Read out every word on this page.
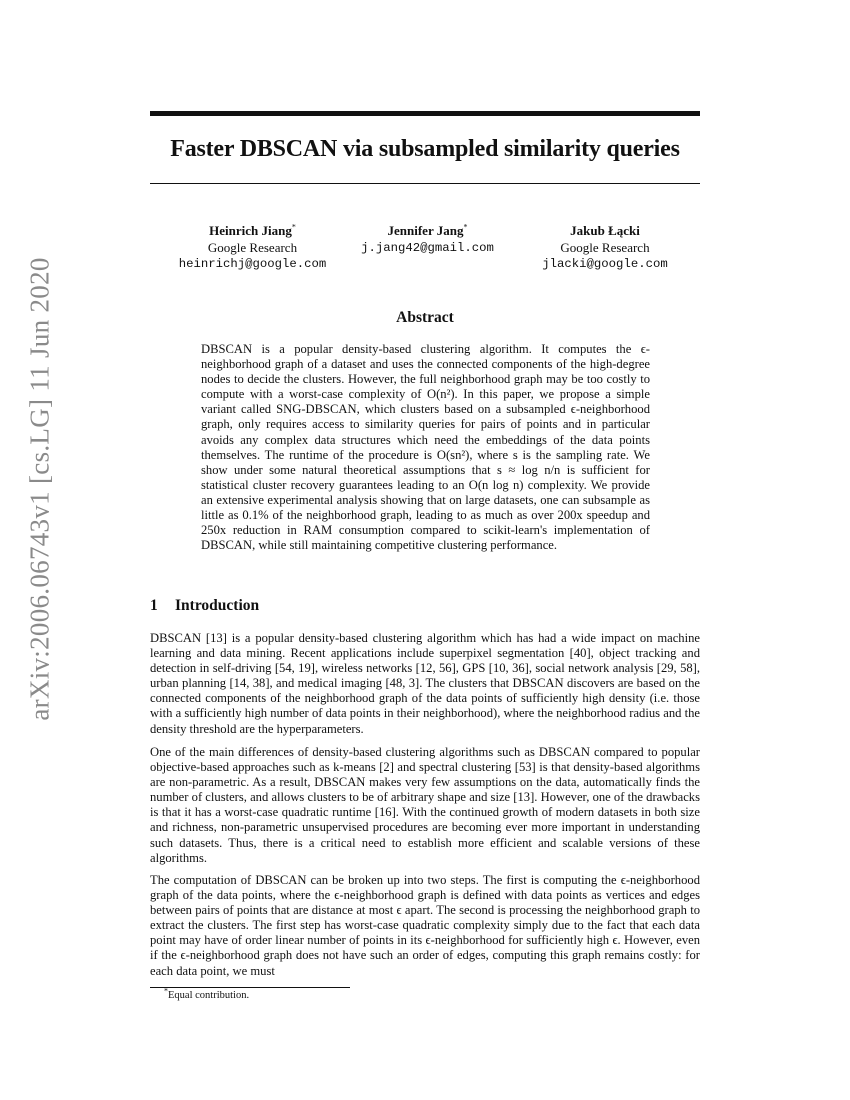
arXiv:2006.06743v1 [cs.LG] 11 Jun 2020
Faster DBSCAN via subsampled similarity queries
Heinrich Jiang*
Google Research
heinrichj@google.com
Jennifer Jang*
j.jang42@gmail.com
Jakub Łącki
Google Research
jlacki@google.com
Abstract
DBSCAN is a popular density-based clustering algorithm. It computes the ϵ-neighborhood graph of a dataset and uses the connected components of the high-degree nodes to decide the clusters. However, the full neighborhood graph may be too costly to compute with a worst-case complexity of O(n²). In this paper, we propose a simple variant called SNG-DBSCAN, which clusters based on a subsampled ϵ-neighborhood graph, only requires access to similarity queries for pairs of points and in particular avoids any complex data structures which need the embeddings of the data points themselves. The runtime of the procedure is O(sn²), where s is the sampling rate. We show under some natural theoretical assumptions that s ≈ log n/n is sufficient for statistical cluster recovery guarantees leading to an O(n log n) complexity. We provide an extensive experimental analysis showing that on large datasets, one can subsample as little as 0.1% of the neighborhood graph, leading to as much as over 200x speedup and 250x reduction in RAM consumption compared to scikit-learn's implementation of DBSCAN, while still maintaining competitive clustering performance.
1 Introduction

DBSCAN [13] is a popular density-based clustering algorithm which has had a wide impact on machine learning and data mining. Recent applications include superpixel segmentation [40], object tracking and detection in self-driving [54, 19], wireless networks [12, 56], GPS [10, 36], social network analysis [29, 58], urban planning [14, 38], and medical imaging [48, 3]. The clusters that DBSCAN discovers are based on the connected components of the neighborhood graph of the data points of sufficiently high density (i.e. those with a sufficiently high number of data points in their neighborhood), where the neighborhood radius and the density threshold are the hyperparameters.

One of the main differences of density-based clustering algorithms such as DBSCAN compared to popular objective-based approaches such as k-means [2] and spectral clustering [53] is that density-based algorithms are non-parametric. As a result, DBSCAN makes very few assumptions on the data, automatically finds the number of clusters, and allows clusters to be of arbitrary shape and size [13]. However, one of the drawbacks is that it has a worst-case quadratic runtime [16]. With the continued growth of modern datasets in both size and richness, non-parametric unsupervised procedures are becoming ever more important in understanding such datasets. Thus, there is a critical need to establish more efficient and scalable versions of these algorithms.

The computation of DBSCAN can be broken up into two steps. The first is computing the ϵ-neighborhood graph of the data points, where the ϵ-neighborhood graph is defined with data points as vertices and edges between pairs of points that are distance at most ϵ apart. The second is processing the neighborhood graph to extract the clusters. The first step has worst-case quadratic complexity simply due to the fact that each data point may have of order linear number of points in its ϵ-neighborhood for sufficiently high ϵ. However, even if the ϵ-neighborhood graph does not have such an order of edges, computing this graph remains costly: for each data point, we must

*Equal contribution.
